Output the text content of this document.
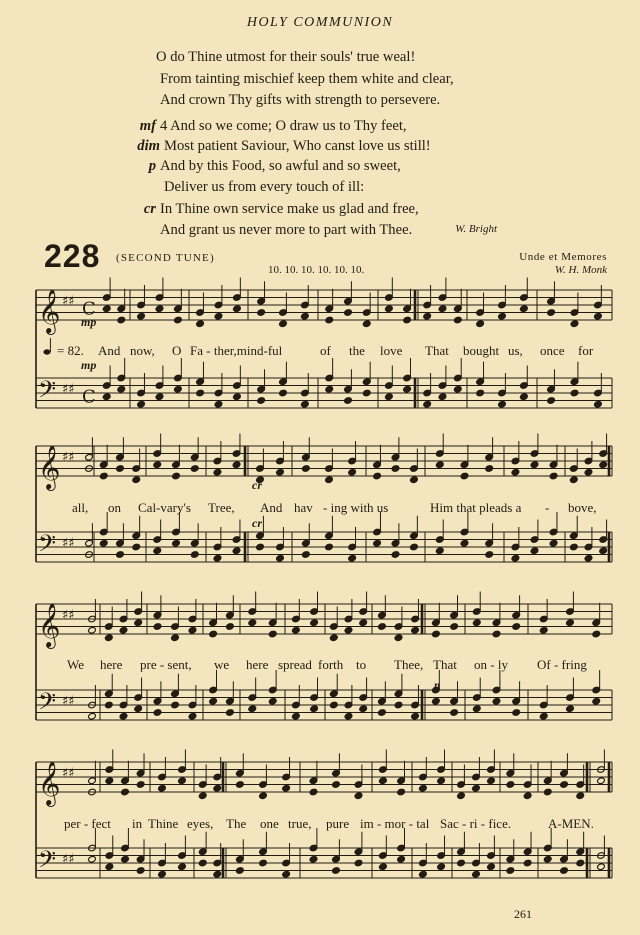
HOLY COMMUNION
O do Thine utmost for their souls' true weal!
From tainting mischief keep them white and clear,
And crown Thy gifts with strength to persevere.
mf 4 And so we come; O draw us to Thy feet,
dim Most patient Saviour, Who canst love us still!
p And by this Food, so awful and so sweet,
Deliver us from every touch of ill:
cr In Thine own service make us glad and free,
And grant us never more to part with Thee.	W. Bright
228 (SECOND TUNE)
10. 10. 10. 10. 10. 10.
Unde et Memores
W. H. Monk
𝄞 ♯♯ C
𝄢 ♯♯ C
𝄞 ♯♯
𝄢 ♯♯
𝄞 ♯♯
𝄢 ♯♯
𝄞 ♯♯
𝄢 ♯♯
= 82. And now, O Fa - ther,mind-ful	of the love That bought us, once for
mp
mp
all, on Cal-vary's Tree, And hav - ing with us	Him that pleads a - bove,
cr
cr
We here pre - sent, we here spread forth to Thee, That on - ly Of - fring
p
per - fect in Thine eyes, The one true, pure im - mor - tal Sac - ri - fice.	A-MEN.
261
